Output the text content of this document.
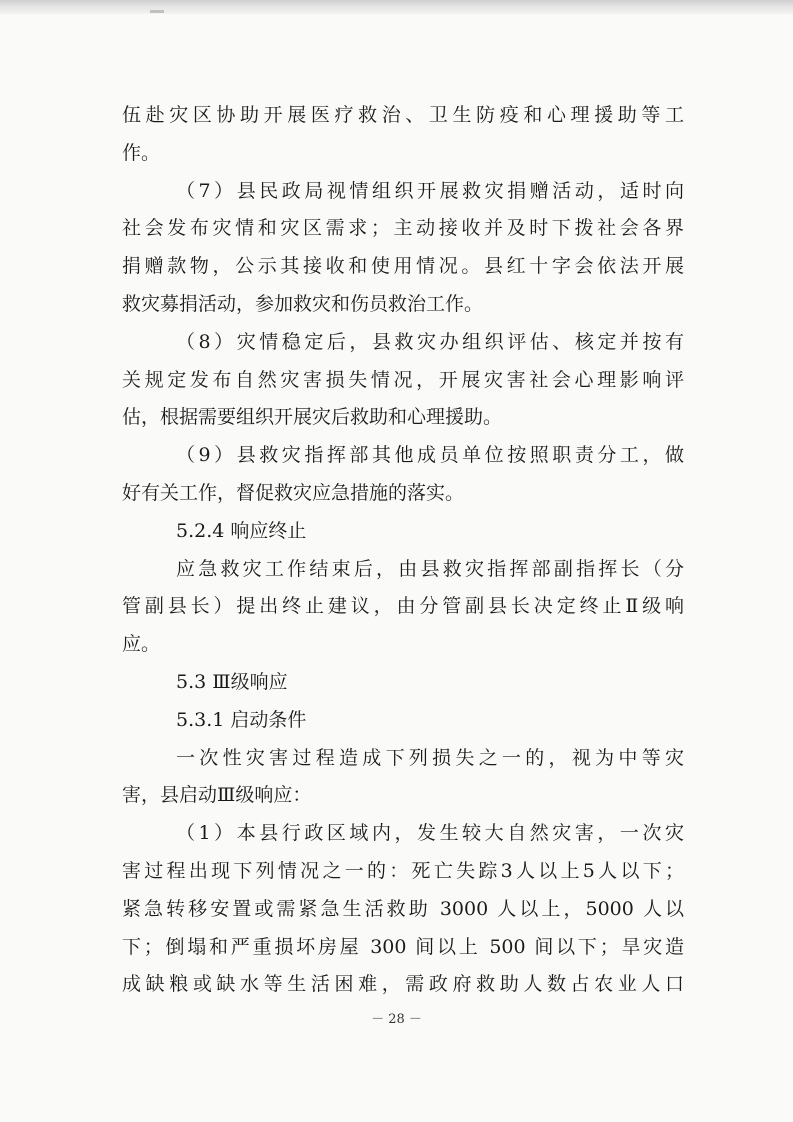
伍赴灾区协助开展医疗救治、卫生防疫和心理援助等工
作。
（7）县民政局视情组织开展救灾捐赠活动，适时向
社会发布灾情和灾区需求；主动接收并及时下拨社会各界
捐赠款物，公示其接收和使用情况。县红十字会依法开展
救灾募捐活动，参加救灾和伤员救治工作。
（8）灾情稳定后，县救灾办组织评估、核定并按有
关规定发布自然灾害损失情况，开展灾害社会心理影响评
估，根据需要组织开展灾后救助和心理援助。
（9）县救灾指挥部其他成员单位按照职责分工，做
好有关工作，督促救灾应急措施的落实。
5.2.4 响应终止
应急救灾工作结束后，由县救灾指挥部副指挥长（分
管副县长）提出终止建议，由分管副县长决定终止Ⅱ级响
应。
5.3 Ⅲ级响应
5.3.1 启动条件
一次性灾害过程造成下列损失之一的，视为中等灾
害，县启动Ⅲ级响应：
（1）本县行政区域内，发生较大自然灾害，一次灾
害过程出现下列情况之一的：死亡失踪3人以上5人以下；
紧急转移安置或需紧急生活救助 3000 人以上，5000 人以
下；倒塌和严重损坏房屋 300 间以上 500 间以下；旱灾造
成缺粮或缺水等生活困难，需政府救助人数占农业人口
－ 28 －
